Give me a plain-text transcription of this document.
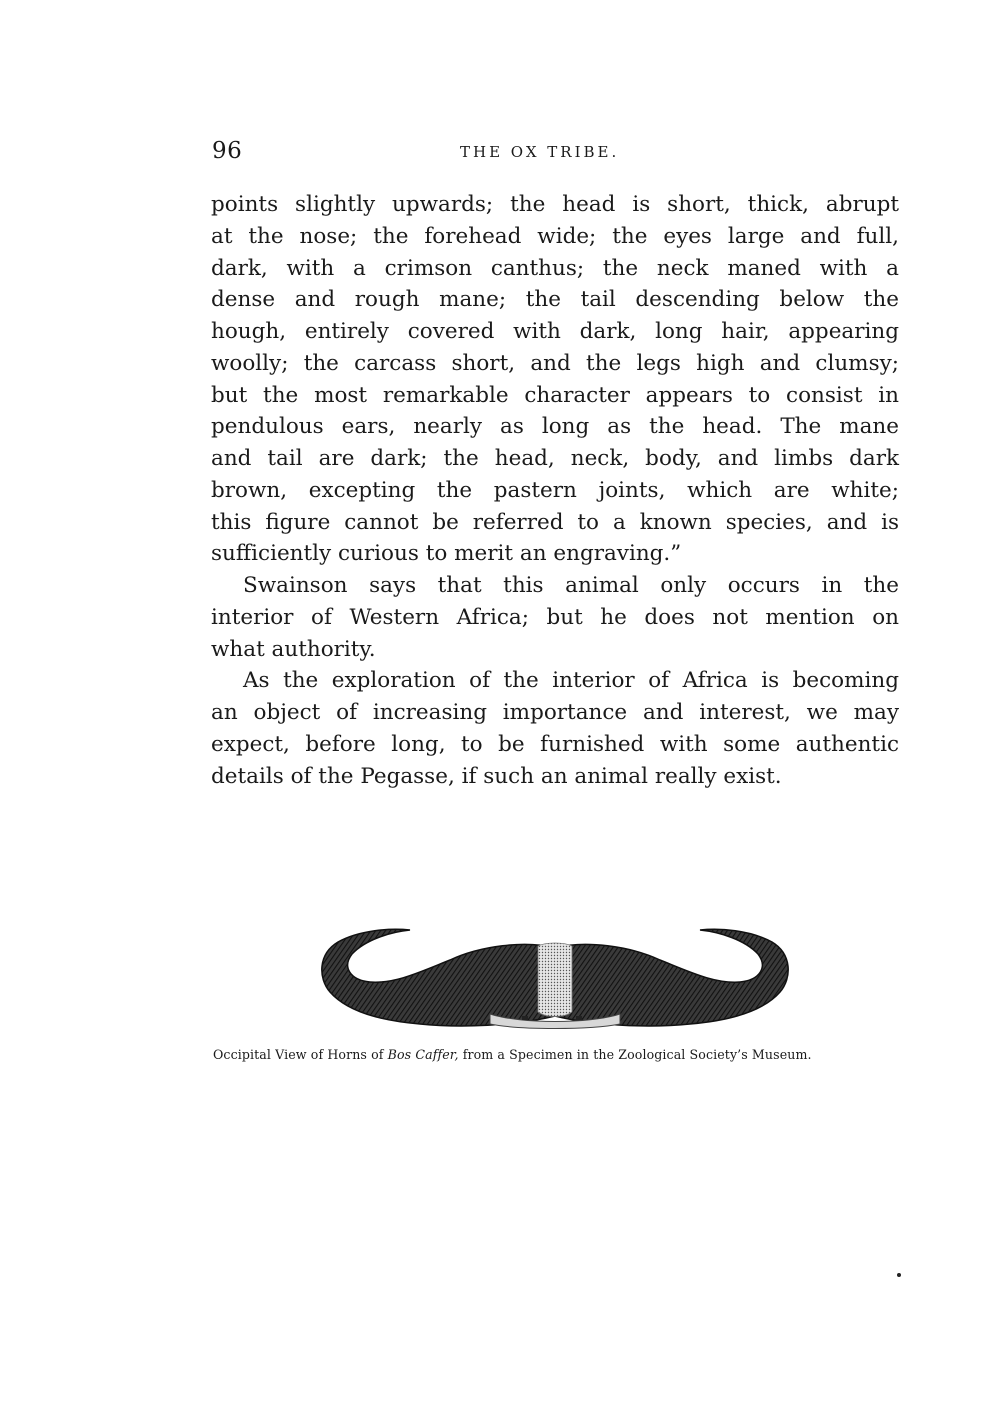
96	THE OX TRIBE.
points slightly upwards; the head is short, thick, abrupt
at the nose; the forehead wide; the eyes large and full,
dark, with a crimson canthus; the neck maned with a
dense and rough mane; the tail descending below the
hough, entirely covered with dark, long hair, appearing
woolly; the carcass short, and the legs high and clumsy;
but the most remarkable character appears to consist in
pendulous ears, nearly as long as the head. The mane
and tail are dark; the head, neck, body, and limbs dark
brown, excepting the pastern joints, which are white;
this figure cannot be referred to a known species, and is
sufficiently curious to merit an engraving.”
Swainson says that this animal only occurs in the
interior of Western Africa; but he does not mention on
what authority.
As the exploration of the interior of Africa is becoming
an object of increasing importance and interest, we may
expect, before long, to be furnished with some authentic
details of the Pegasse, if such an animal really exist.
Occipital View of Horns of Bos Caffer, from a Specimen in the Zoological Society’s Museum.
